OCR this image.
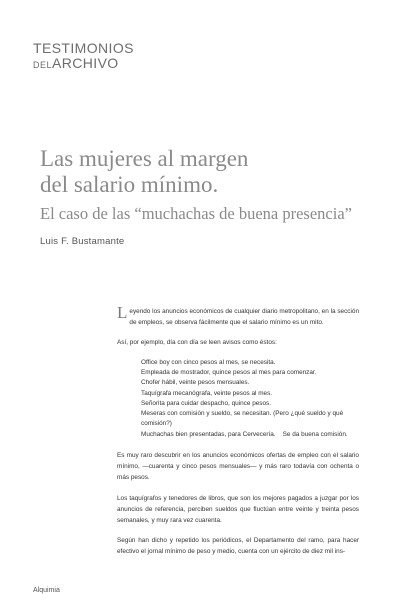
TESTIMONIOS
DELARCHIVO
Las mujeres al margen
del salario mínimo.
El caso de las “muchachas de buena presencia”
Luis F. Bustamante

Leyendo los anuncios económicos de cualquier diario metropolitano, en la sección de empleos, se observa fácilmente que el salario mínimo es un mito.

Así, por ejemplo, día con día se leen avisos como éstos:

Office boy con cinco pesos al mes, se necesita.
Empleada de mostrador, quince pesos al mes para comenzar.
Chofer hábil, veinte pesos mensuales.
Taquígrafa mecanógrafa, veinte pesos al mes.
Señorita para cuidar despacho, quince pesos.
Meseras con comisión y sueldo, se necesitan. (Pero ¿qué sueldo y qué comisión?)
Muchachas bien presentadas, para Cervecería. Se da buena comisión.

Es muy raro descubrir en los anuncios económicos ofertas de empleo con el salario mínimo, —cuarenta y cinco pesos mensuales— y más raro todavía con ochenta o más pesos.

Los taquígrafos y tenedores de libros, que son los mejores pagados a juzgar por los anuncios de referencia, perciben sueldos que fluctúan entre veinte y treinta pesos semanales, y muy rara vez cuarenta.

Según han dicho y repetido los periódicos, el Departamento del ramo, para hacer efectivo el jornal mínimo de peso y medio, cuenta con un ejército de diez mil ins-

Alquimia
